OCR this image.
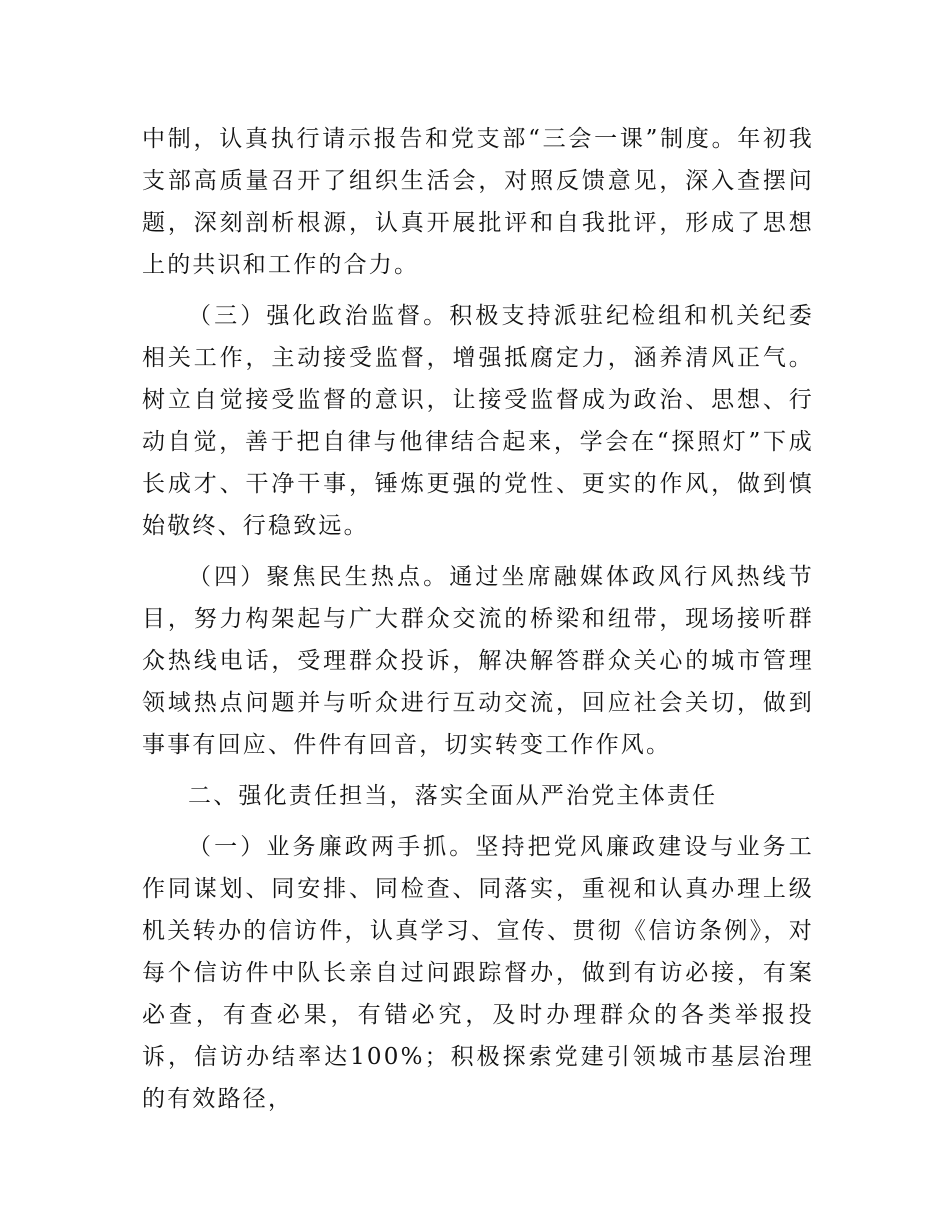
中制，认真执行请示报告和党支部“三会一课”制度。年初我支部高质量召开了组织生活会，对照反馈意见，深入查摆问题，深刻剖析根源，认真开展批评和自我批评，形成了思想上的共识和工作的合力。

（三）强化政治监督。积极支持派驻纪检组和机关纪委相关工作，主动接受监督，增强抵腐定力，涵养清风正气。树立自觉接受监督的意识，让接受监督成为政治、思想、行动自觉，善于把自律与他律结合起来，学会在“探照灯”下成长成才、干净干事，锤炼更强的党性、更实的作风，做到慎始敬终、行稳致远。

（四）聚焦民生热点。通过坐席融媒体政风行风热线节目，努力构架起与广大群众交流的桥梁和纽带，现场接听群众热线电话，受理群众投诉，解决解答群众关心的城市管理领域热点问题并与听众进行互动交流，回应社会关切，做到事事有回应、件件有回音，切实转变工作作风。

二、强化责任担当，落实全面从严治党主体责任

（一）业务廉政两手抓。坚持把党风廉政建设与业务工作同谋划、同安排、同检查、同落实，重视和认真办理上级机关转办的信访件，认真学习、宣传、贯彻《信访条例》，对每个信访件中队长亲自过问跟踪督办，做到有访必接，有案必查，有查必果，有错必究，及时办理群众的各类举报投诉，信访办结率达100%；积极探索党建引领城市基层治理的有效路径，
